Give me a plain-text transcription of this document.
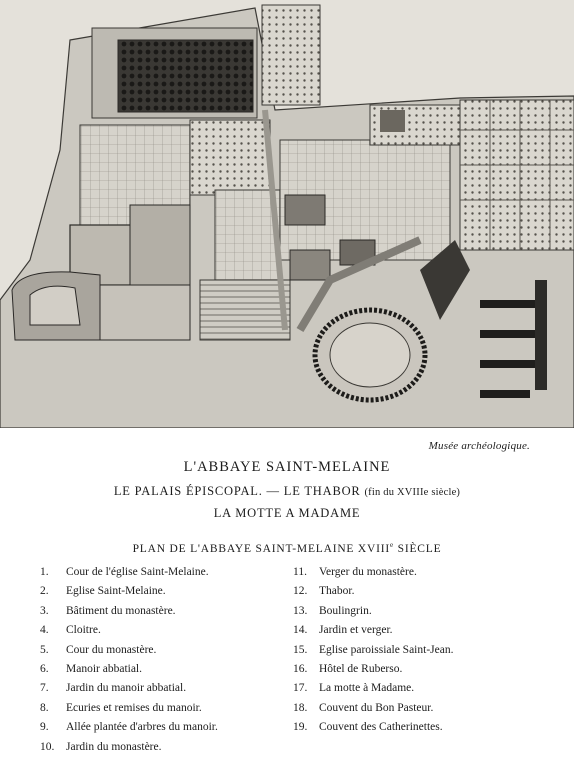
Musée archéologique.
L'ABBAYE SAINT-MELAINE
LE PALAIS ÉPISCOPAL. — LE THABOR (fin du XVIIIe siècle)
LA MOTTE A MADAME
PLAN DE L'ABBAYE SAINT-MELAINE XVIIIe SIÈCLE
1. Cour de l'église Saint-Melaine.
2. Eglise Saint-Melaine.
3. Bâtiment du monastère.
4. Cloitre.
5. Cour du monastère.
6. Manoir abbatial.
7. Jardin du manoir abbatial.
8. Ecuries et remises du manoir.
9. Allée plantée d'arbres du manoir.
10. Jardin du monastère.
11. Verger du monastère.
12. Thabor.
13. Boulingrin.
14. Jardin et verger.
15. Eglise paroissiale Saint-Jean.
16. Hôtel de Ruberso.
17. La motte à Madame.
18. Couvent du Bon Pasteur.
19. Couvent des Catherinettes.
